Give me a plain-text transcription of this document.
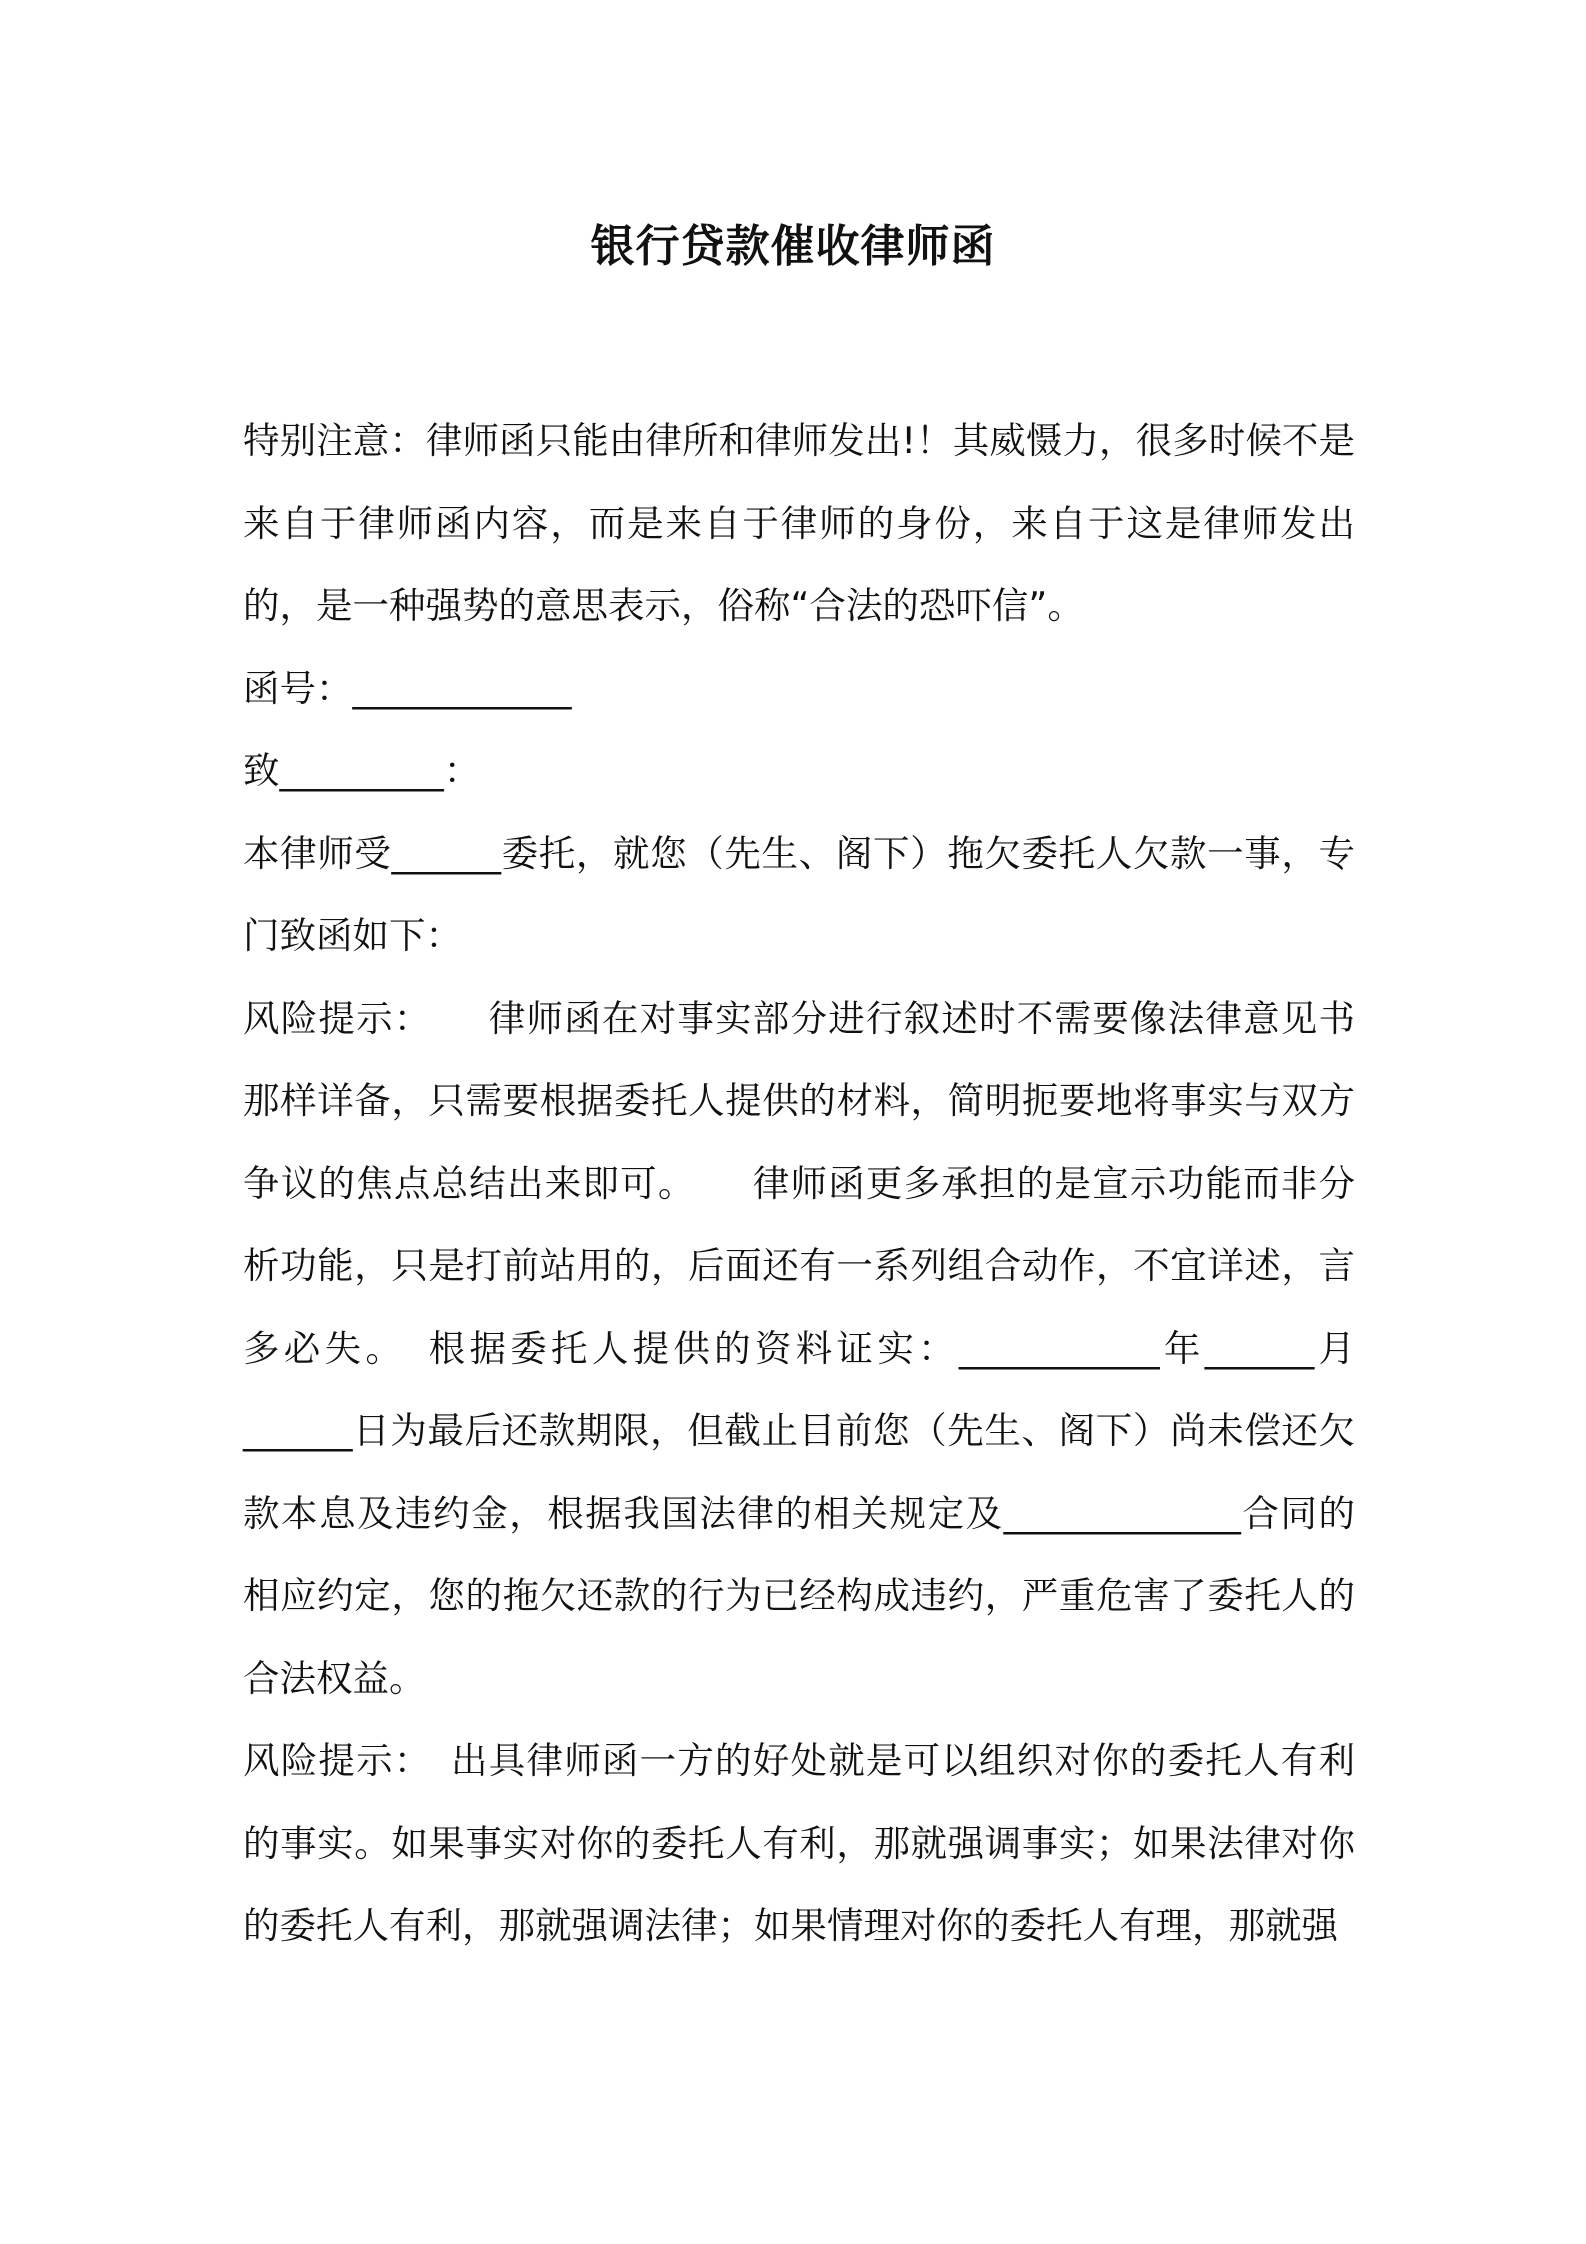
银行贷款催收律师函

特别注意：律师函只能由律所和律师发出!！其威慑力，很多时候不是来自于律师函内容，而是来自于律师的身份，来自于这是律师发出的，是一种强势的意思表示，俗称“合法的恐吓信”。

函号：____________

致_________：

本律师受______委托，就您（先生、阁下）拖欠委托人欠款一事，专门致函如下：

风险提示：　　律师函在对事实部分进行叙述时不需要像法律意见书那样详备，只需要根据委托人提供的材料，简明扼要地将事实与双方争议的焦点总结出来即可。　　律师函更多承担的是宣示功能而非分析功能，只是打前站用的，后面还有一系列组合动作，不宜详述，言多必失。　根据委托人提供的资料证实：___________年______月______日为最后还款期限，但截止目前您（先生、阁下）尚未偿还欠款本息及违约金，根据我国法律的相关规定及_____________合同的相应约定，您的拖欠还款的行为已经构成违约，严重危害了委托人的合法权益。

风险提示：　出具律师函一方的好处就是可以组织对你的委托人有利的事实。如果事实对你的委托人有利，那就强调事实；如果法律对你的委托人有利，那就强调法律；如果情理对你的委托人有理，那就强
